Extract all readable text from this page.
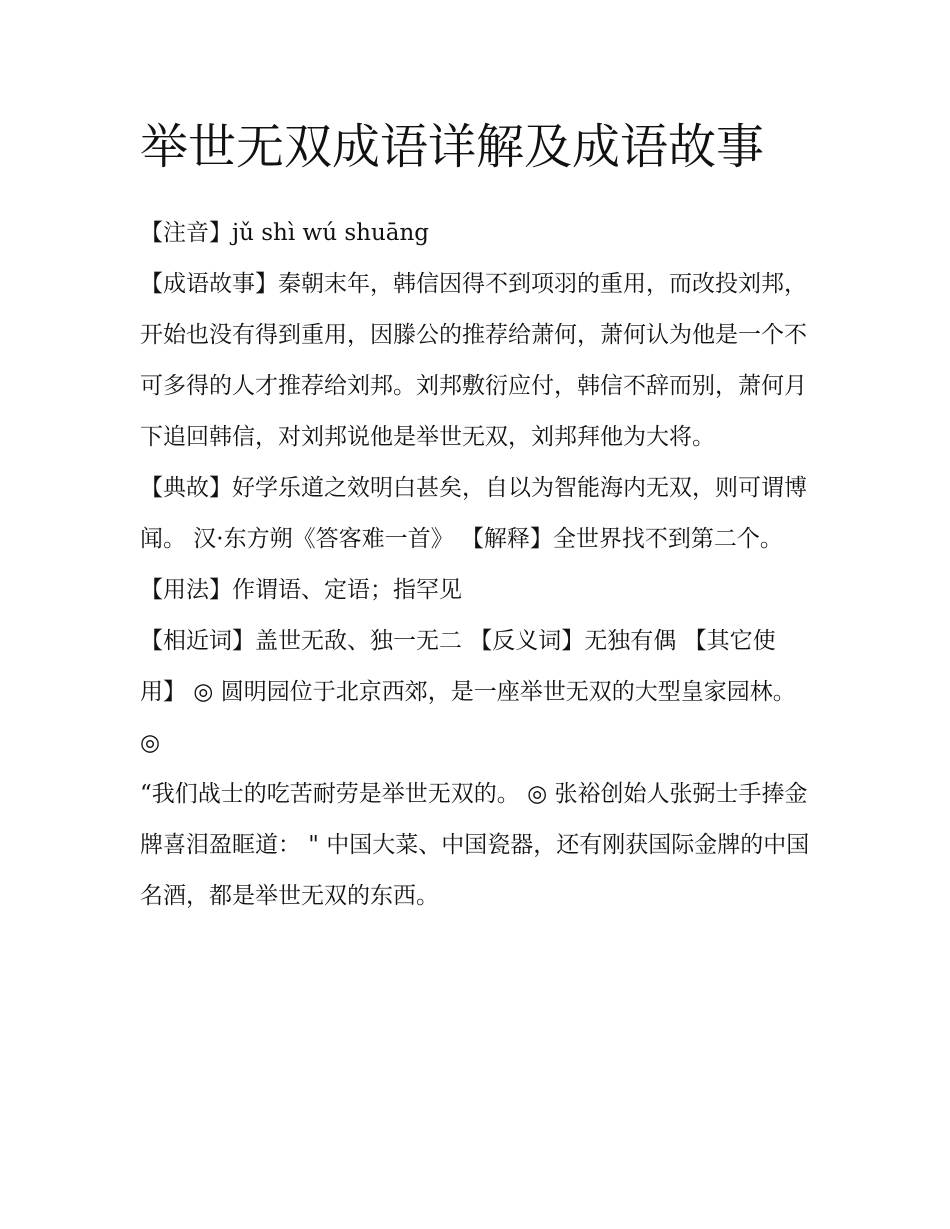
举世无双成语详解及成语故事

【注音】jǔ shì wú shuāng

【成语故事】秦朝末年，韩信因得不到项羽的重用，而改投刘邦，开始也没有得到重用，因滕公的推荐给萧何，萧何认为他是一个不可多得的人才推荐给刘邦。刘邦敷衍应付，韩信不辞而别，萧何月下追回韩信，对刘邦说他是举世无双，刘邦拜他为大将。

【典故】好学乐道之效明白甚矣，自以为智能海内无双，则可谓博闻。 汉·东方朔《答客难一首》 【解释】全世界找不到第二个。 【用法】作谓语、定语；指罕见

【相近词】盖世无敌、独一无二 【反义词】无独有偶 【其它使用】 ◎ 圆明园位于北京西郊，是一座举世无双的大型皇家园林。 ◎

“我们战士的吃苦耐劳是举世无双的。 ◎ 张裕创始人张弼士手捧金牌喜泪盈眶道： " 中国大菜、中国瓷器，还有刚获国际金牌的中国名酒，都是举世无双的东西。
